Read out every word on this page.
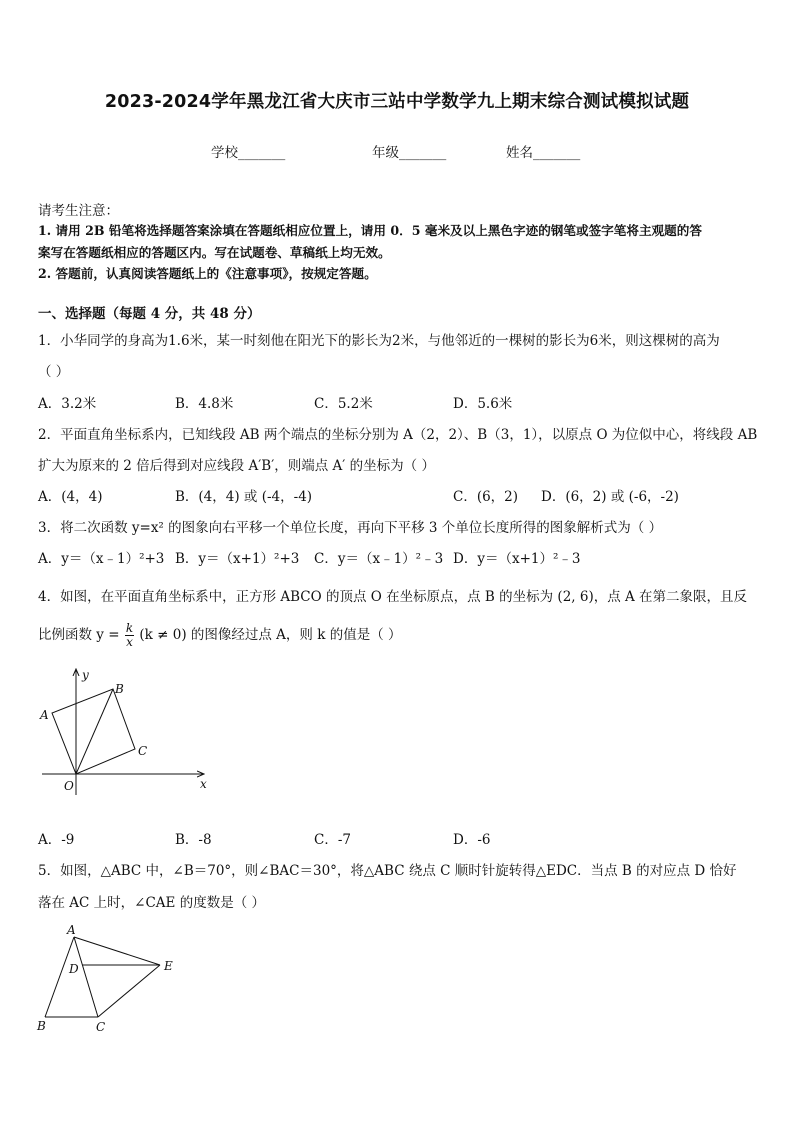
2023-2024学年黑龙江省大庆市三站中学数学九上期末综合测试模拟试题
学校_______	年级_______	姓名_______
请考生注意：
1. 请用 2B 铅笔将选择题答案涂填在答题纸相应位置上，请用 0．5 毫米及以上黑色字迹的钢笔或签字笔将主观题的答
案写在答题纸相应的答题区内。写在试题卷、草稿纸上均无效。
2. 答题前，认真阅读答题纸上的《注意事项》，按规定答题。
一、选择题（每题 4 分，共 48 分）
1．小华同学的身高为1.6米，某一时刻他在阳光下的影长为2米，与他邻近的一棵树的影长为6米，则这棵树的高为
（ ）
A．3.2米	B．4.8米	C．5.2米	D．5.6米
2．平面直角坐标系内，已知线段 AB 两个端点的坐标分别为 A（2，2）、B（3，1），以原点 O 为位似中心，将线段 AB
扩大为原来的 2 倍后得到对应线段 A′B′，则端点 A′ 的坐标为（ ）
A．(4，4)	B．(4，4) 或 (-4，-4)	C．(6，2) D．(6，2) 或 (-6，-2)
3．将二次函数 y=x² 的图象向右平移一个单位长度，再向下平移 3 个单位长度所得的图象解析式为（ ）
A．y＝（x﹣1）²+3 B．y＝（x+1）²+3 C．y＝（x﹣1）²﹣3 D．y＝（x+1）²﹣3
4．如图，在平面直角坐标系中，正方形 ABCO 的顶点 O 在坐标原点，点 B 的坐标为 (2, 6)，点 A 在第二象限，且反
比例函数 $y = \frac{k}{x} (k \ne 0)$ 的图像经过点 A，则 k 的值是（ ）
y
B
A
C
O	x
A．-9	B．-8	C．-7	D．-6
5．如图，△ABC 中，∠B＝70°，则∠BAC＝30°，将△ABC 绕点 C 顺时针旋转得△EDC．当点 B 的对应点 D 恰好
落在 AC 上时，∠CAE 的度数是（ ）
A
D	E
B	C
